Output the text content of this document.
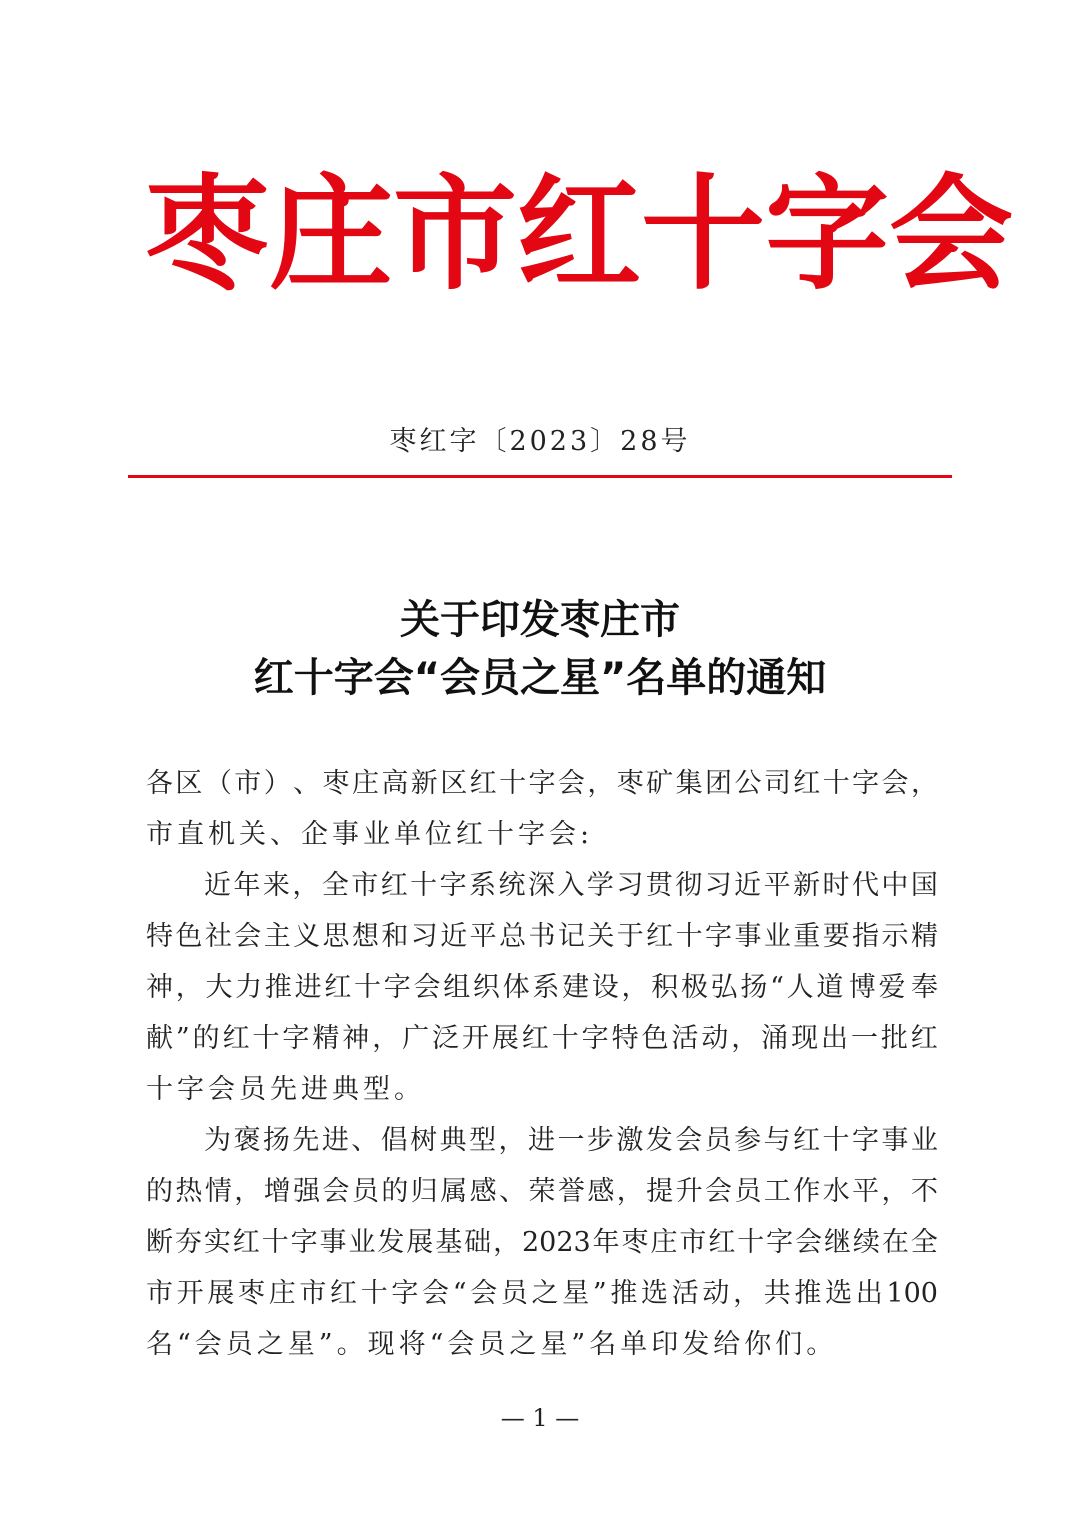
枣 庄 市 红 十 字 会
枣红字〔2023〕28号
关于印发枣庄市
红十字会“会员之星”名单的通知
各 区 （ 市 ） 、 枣 庄 高 新 区 红 十 字 会 ， 枣 矿 集 团 公 司 红 十 字 会 ，
市直机关、企事业单位红十字会:
近 年 来 ， 全 市 红 十 字 系 统 深 入 学 习 贯 彻 习 近 平 新 时 代 中 国
特 色 社 会 主 义 思 想 和 习 近 平 总 书 记 关 于 红 十 字 事 业 重 要 指 示 精
神 ， 大 力 推 进 红 十 字 会 组 织 体 系 建 设 ， 积 极 弘 扬 “ 人 道 博 爱 奉
献 ” 的 红 十 字 精 神 ， 广 泛 开 展 红 十 字 特 色 活 动 ， 涌 现 出 一 批 红
十字会员先进典型。
为 褒 扬 先 进 、 倡 树 典 型 ， 进 一 步 激 发 会 员 参 与 红 十 字 事 业
的 热 情 ， 增 强 会 员 的 归 属 感 、 荣 誉 感 ， 提 升 会 员 工 作 水 平 ， 不
断 夯 实 红 十 字 事 业 发 展 基 础 ， 2023 年 枣 庄 市 红 十 字 会 继 续 在 全
市 开 展 枣 庄 市 红 十 字 会 “ 会 员 之 星 ” 推 选 活 动 ， 共 推 选 出 100
名“会员之星”。现将“会员之星”名单印发给你们。
— 1 —
